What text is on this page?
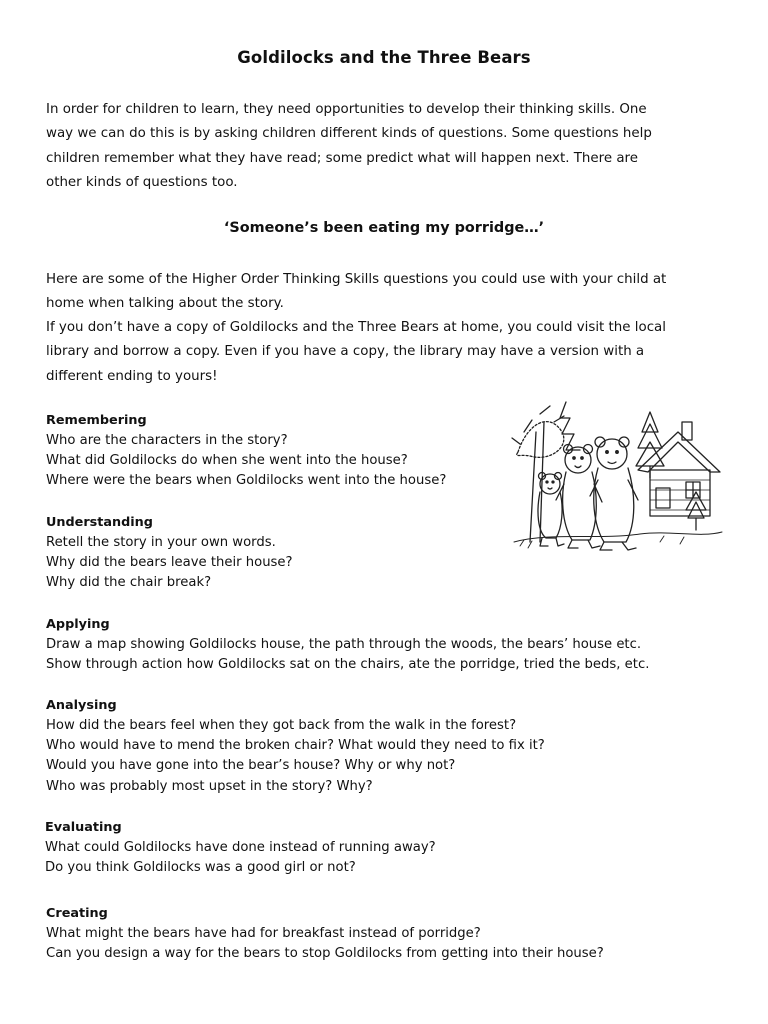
Goldilocks and the Three Bears

In order for children to learn, they need opportunities to develop their thinking skills. One
way we can do this is by asking children different kinds of questions. Some questions help
children remember what they have read; some predict what will happen next. There are
other kinds of questions too.

‘Someone’s been eating my porridge…’

Here are some of the Higher Order Thinking Skills questions you could use with your child at
home when talking about the story.

If you don’t have a copy of Goldilocks and the Three Bears at home, you could visit the local
library and borrow a copy. Even if you have a copy, the library may have a version with a
different ending to yours!

Remembering
Who are the characters in the story?
What did Goldilocks do when she went into the house?
Where were the bears when Goldilocks went into the house?
Understanding
Retell the story in your own words.
Why did the bears leave their house?
Why did the chair break?
Applying
Draw a map showing Goldilocks house, the path through the woods, the bears’ house etc.
Show through action how Goldilocks sat on the chairs, ate the porridge, tried the beds, etc.
Analysing
How did the bears feel when they got back from the walk in the forest?
Who would have to mend the broken chair? What would they need to fix it?
Would you have gone into the bear’s house? Why or why not?
Who was probably most upset in the story? Why?
Evaluating
What could Goldilocks have done instead of running away?
Do you think Goldilocks was a good girl or not?
Creating
What might the bears have had for breakfast instead of porridge?
Can you design a way for the bears to stop Goldilocks from getting into their house?
